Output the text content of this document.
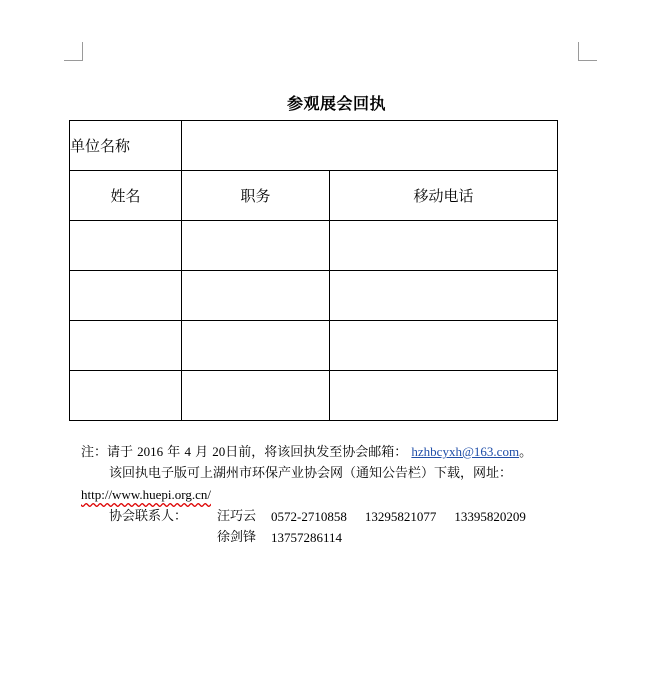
参观展会回执
单位名称		
姓名	职务	移动电话

注：请于 2016 年 4 月 20日前，将该回执发至协会邮箱： hzhbcyxh@163.com。
该回执电子版可上湖州市环保产业协会网（通知公告栏）下载，网址：
http://www.huepi.org.cn/
协会联系人：	汪巧云	0572-2710858 13295821077 13395820209
徐剑锋	13757286114
